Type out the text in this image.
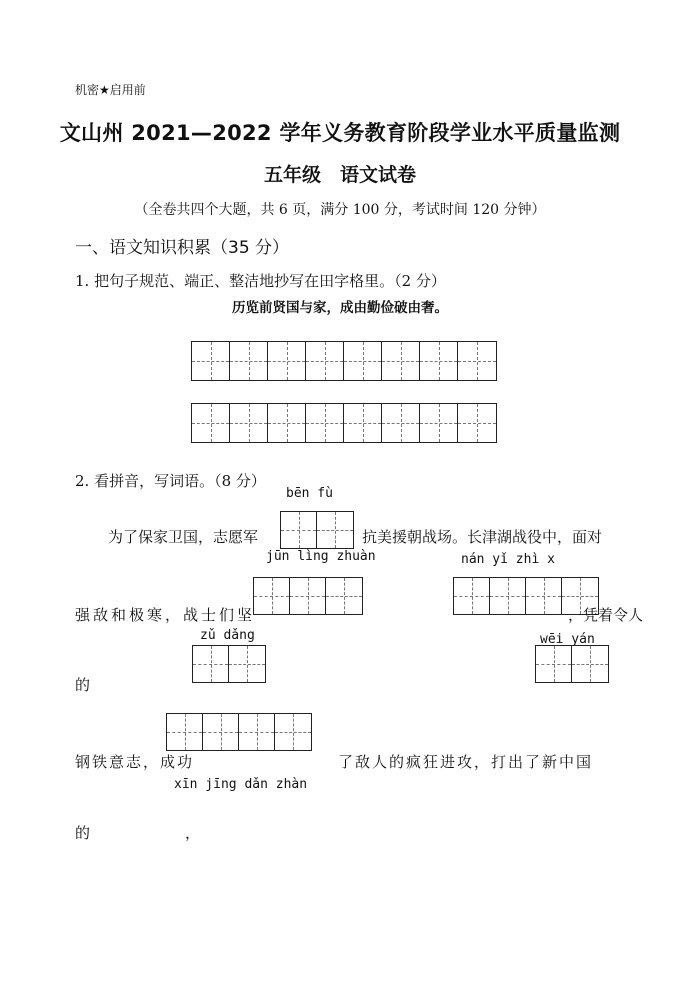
机密★启用前
文山州 2021—2022 学年义务教育阶段学业水平质量监测
五年级　语文试卷
（全卷共四个大题，共 6 页，满分 100 分，考试时间 120 分钟）
一、语文知识积累（35 分）
1. 把句子规范、端正、整洁地抄写在田字格里。（2 分）
历览前贤国与家，成由勤俭破由奢。
2. 看拼音，写词语。（8 分）
bēn fù
为了保家卫国，志愿军	抗美援朝战场。长津湖战役中，面对
jūn lìng zhuàn	nán yǐ zhì x
强敌和极寒，战士们坚	，凭着令人
zǔ dǎng	wēi yán
的
钢铁意志，成功	了敌人的疯狂进攻，打出了新中国
xīn jīng dǎn zhàn
的	，
